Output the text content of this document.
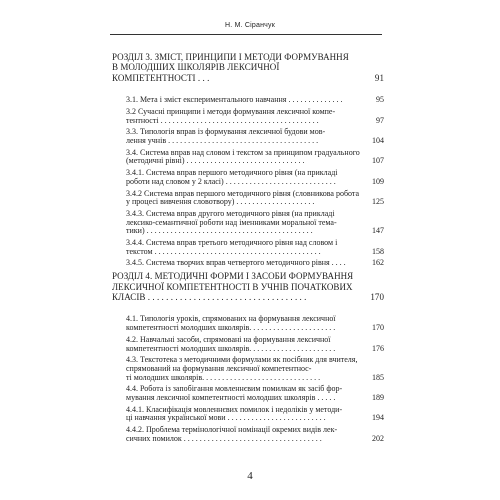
Н. М. Сіранчук
РОЗДІЛ 3. ЗМІСТ, ПРИНЦИПИ І МЕТОДИ ФОРМУВАННЯ В МОЛОДШИХ ШКОЛЯРІВ ЛЕКСИЧНОЇ КОМПЕТЕНТНОСТІ . . .	91
3.1. Мета і зміст експериментального навчання . . . . . . . . . . . . . .	95
3.2 Сучасні принципи і методи формування лексичної компе-
тентності . . . . . . . . . . . . . . . . . . . . . . . . . . . . . . . . . . . . . . . .	97
3.3. Типологія вправ із формування лексичної будови мов-
лення учнів . . . . . . . . . . . . . . . . . . . . . . . . . . . . . . . . . . . . . .	104
3.4. Система вправ над словом і текстом за принципом градуального (методичні рівні) . . . . . . . . . . . . . . . . . . . . . . . . . . . . . .	107
3.4.1. Система вправ першого методичного рівня (на прикладі роботи над словом у 2 класі) . . . . . . . . . . . . . . . . . . . . . . . . . . . .	109
3.4.2 Система вправ першого методичного рівня (словникова робота у процесі вивчення словотвору) . . . . . . . . . . . . . . . . . . . .	125
3.4.3. Система вправ другого методичного рівня (на прикладі лексико-семантичної роботи над іменниками моральної тема-
тики) . . . . . . . . . . . . . . . . . . . . . . . . . . . . . . . . . . . . . . . . . .	147
3.4.4. Система вправ третього методичного рівня над словом і текстом . . . . . . . . . . . . . . . . . . . . . . . . . . . . . . . . . . . . . . . . . .	158
3.4.5. Система творчих вправ четвертого методичного рівня . . . .	162
РОЗДІЛ 4. МЕТОДИЧНІ ФОРМИ І ЗАСОБИ ФОРМУВАННЯ ЛЕКСИЧНОЇ КОМПЕТЕНТНОСТІ В УЧНІВ ПОЧАТКОВИХ КЛАСІВ . . . . . . . . . . . . . . . . . . . . . . . . . . . . . . . . . . .	170
4.1. Типологія уроків, спрямованих на формування лексичної компетентності молодших школярів. . . . . . . . . . . . . . . . . . . . . .	170
4.2. Навчальні засоби, спрямовані на формування лексичної компетентності молодших школярів. . . . . . . . . . . . . . . . . . . . . .	176
4.3. Текстотека з методичними формулами як посібник для вчителя, спрямований на формування лексичної компетентнос-
ті молодших школярів. . . . . . . . . . . . . . . . . . . . . . . . . . . . . .	185
4.4. Робота із запобігання мовленнєвим помилкам як засіб фор-
мування лексичної компетентності молодших школярів . . . . .	189
4.4.1. Класифікація мовленнєвих помилок і недоліків у методи-
ці навчання української мови . . . . . . . . . . . . . . . . . . . . . . . . .	194
4.4.2. Проблема термінологічної номінації окремих видів лек-
сичних помилок . . . . . . . . . . . . . . . . . . . . . . . . . . . . . . . . . . .	202
4
